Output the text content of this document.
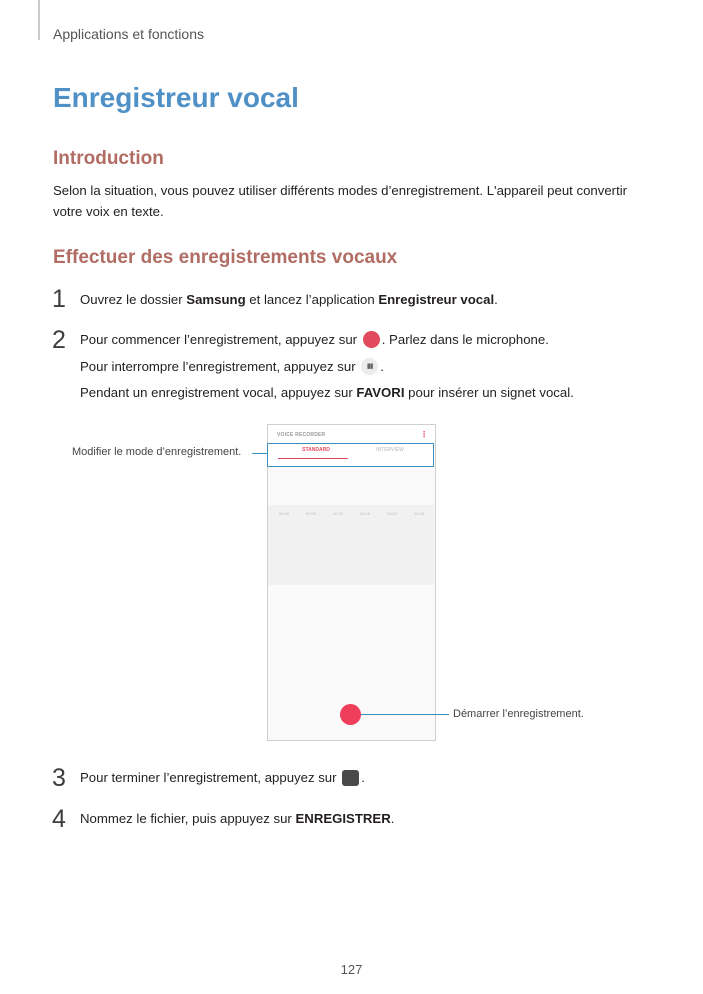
Applications et fonctions
Enregistreur vocal
Introduction
Selon la situation, vous pouvez utiliser différents modes d’enregistrement. L'appareil peut convertir
votre voix en texte.
Effectuer des enregistrements vocaux
1 Ouvrez le dossier Samsung et lancez l’application Enregistreur vocal.
2 Pour commencer l’enregistrement, appuyez sur . Parlez dans le microphone.
Pour interrompre l’enregistrement, appuyez sur ▮▮ .
Pendant un enregistrement vocal, appuyez sur FAVORI pour insérer un signet vocal.
VOICE RECORDER	⋮
00:00	00:05	00:10	00:15	00:20	00:25
STANDARD	INTERVIEW
Modifier le mode d’enregistrement.
Démarrer l’enregistrement.
3 Pour terminer l’enregistrement, appuyez sur .
4 Nommez le fichier, puis appuyez sur ENREGISTRER.
127
